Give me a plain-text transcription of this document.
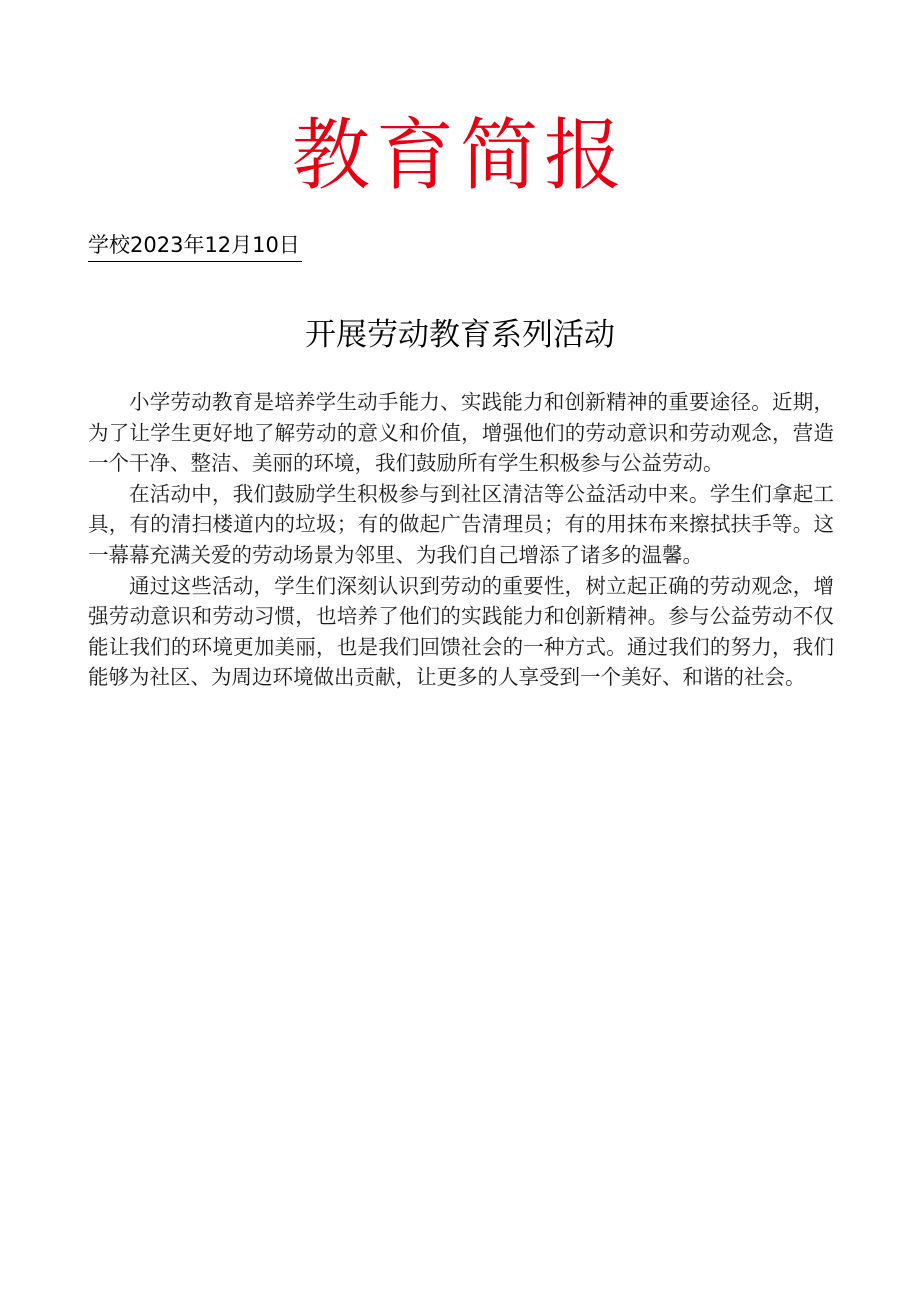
教育简报
学校2023年12月10日
开展劳动教育系列活动

小学劳动教育是培养学生动手能力、实践能力和创新精神的重要途径。近期，为了让学生更好地了解劳动的意义和价值，增强他们的劳动意识和劳动观念，营造一个干净、整洁、美丽的环境，我们鼓励所有学生积极参与公益劳动。

在活动中，我们鼓励学生积极参与到社区清洁等公益活动中来。学生们拿起工具，有的清扫楼道内的垃圾；有的做起广告清理员；有的用抹布来擦拭扶手等。这一幕幕充满关爱的劳动场景为邻里、为我们自己增添了诸多的温馨。

通过这些活动，学生们深刻认识到劳动的重要性，树立起正确的劳动观念，增强劳动意识和劳动习惯，也培养了他们的实践能力和创新精神。参与公益劳动不仅能让我们的环境更加美丽，也是我们回馈社会的一种方式。通过我们的努力，我们能够为社区、为周边环境做出贡献，让更多的人享受到一个美好、和谐的社会。
